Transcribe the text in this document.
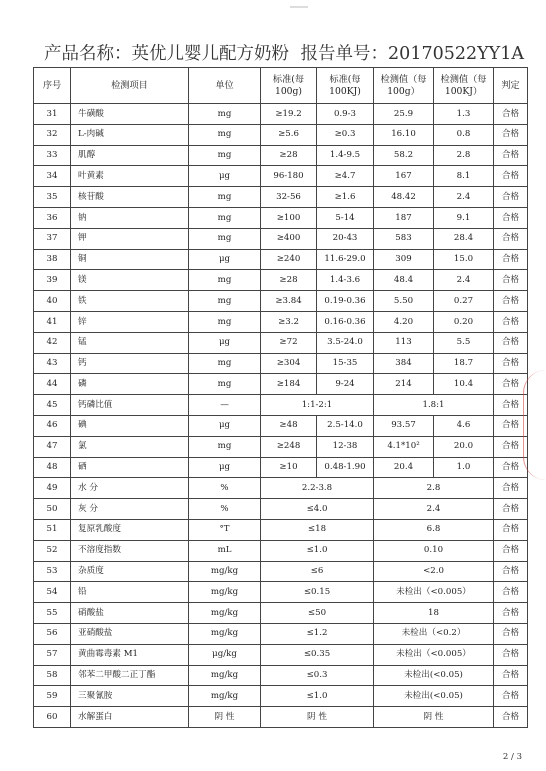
产品名称：英优儿婴儿配方奶粉 报告单号：20170522YY1A
序号	检测项目	单位	标准(每100g)	标准(每100KJ)	检测值（每100g）	检测值（每100KJ）	判定
31	牛磺酸	mg	≥19.2	0.9-3	25.9	1.3	合格
32	L-肉碱	mg	≥5.6	≥0.3	16.10	0.8	合格
33	肌醇	mg	≥28	1.4-9.5	58.2	2.8	合格
34	叶黄素	μg	96-180	≥4.7	167	8.1	合格
35	核苷酸	mg	32-56	≥1.6	48.42	2.4	合格
36	钠	mg	≥100	5-14	187	9.1	合格
37	钾	mg	≥400	20-43	583	28.4	合格
38	铜	μg	≥240	11.6-29.0	309	15.0	合格
39	镁	mg	≥28	1.4-3.6	48.4	2.4	合格
40	铁	mg	≥3.84	0.19-0.36	5.50	0.27	合格
41	锌	mg	≥3.2	0.16-0.36	4.20	0.20	合格
42	锰	μg	≥72	3.5-24.0	113	5.5	合格
43	钙	mg	≥304	15-35	384	18.7	合格
44	磷	mg	≥184	9-24	214	10.4	合格
45	钙磷比值	—	1:1-2:1		1.8:1		合格
46	碘	μg	≥48	2.5-14.0	93.57	4.6	合格
47	氯	mg	≥248	12-38	4.1*10²	20.0	合格
48	硒	μg	≥10	0.48-1.90	20.4	1.0	合格
49	水 分	%	2.2-3.8		2.8		合格
50	灰 分	%	≤4.0		2.4		合格
51	复原乳酸度	°T	≤18		6.8		合格
52	不溶度指数	mL	≤1.0		0.10		合格
53	杂质度	mg/kg	≤6		<2.0		合格
54	铅	mg/kg	≤0.15		未检出（<0.005）		合格
55	硝酸盐	mg/kg	≤50		18		合格
56	亚硝酸盐	mg/kg	≤1.2		未检出（<0.2）		合格
57	黄曲霉毒素 M1	μg/kg	≤0.35		未检出（<0.005）		合格
58	邻苯二甲酸二正丁酯	mg/kg	≤0.3		未检出(<0.05)		合格
59	三聚氰胺	mg/kg	≤1.0		未检出(<0.05)		合格
60	水解蛋白	阴 性	阴 性		阴 性		合格
2 / 3
